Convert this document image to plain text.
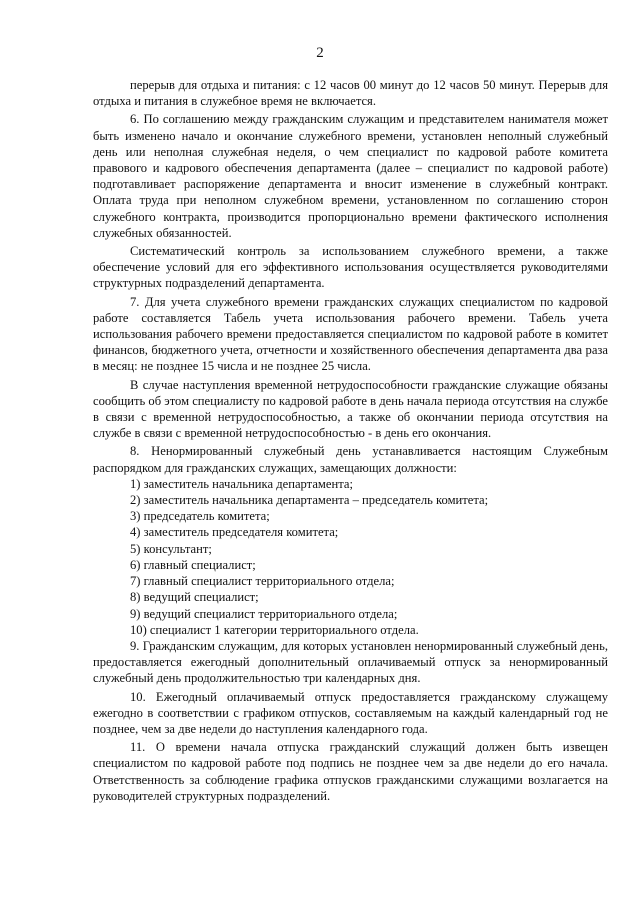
2

перерыв для отдыха и питания: с 12 часов 00 минут до 12 часов 50 минут. Перерыв для отдыха и питания в служебное время не включается.

6. По соглашению между гражданским служащим и представителем нанимателя может быть изменено начало и окончание служебного времени, установлен неполный служебный день или неполная служебная неделя, о чем специалист по кадровой работе комитета правового и кадрового обеспечения департамента (далее – специалист по кадровой работе) подготавливает распоряжение департамента и вносит изменение в служебный контракт. Оплата труда при неполном служебном времени, установленном по соглашению сторон служебного контракта, производится пропорционально времени фактического исполнения служебных обязанностей.

Систематический контроль за использованием служебного времени, а также обеспечение условий для его эффективного использования осуществляется руководителями структурных подразделений департамента.

7. Для учета служебного времени гражданских служащих специалистом по кадровой работе составляется Табель учета использования рабочего времени. Табель учета использования рабочего времени предоставляется специалистом по кадровой работе в комитет финансов, бюджетного учета, отчетности и хозяйственного обеспечения департамента два раза в месяц: не позднее 15 числа и не позднее 25 числа.

В случае наступления временной нетрудоспособности гражданские служащие обязаны сообщить об этом специалисту по кадровой работе в день начала периода отсутствия на службе в связи с временной нетрудоспособностью, а также об окончании периода отсутствия на службе в связи с временной нетрудоспособностью - в день его окончания.

8. Ненормированный служебный день устанавливается настоящим Служебным распорядком для гражданских служащих, замещающих должности:

1) заместитель начальника департамента;

2) заместитель начальника департамента – председатель комитета;

3) председатель комитета;

4) заместитель председателя комитета;

5) консультант;

6) главный специалист;

7) главный специалист территориального отдела;

8) ведущий специалист;

9) ведущий специалист территориального отдела;

10) специалист 1 категории территориального отдела.

9. Гражданским служащим, для которых установлен ненормированный служебный день, предоставляется ежегодный дополнительный оплачиваемый отпуск за ненормированный служебный день продолжительностью три календарных дня.

10. Ежегодный оплачиваемый отпуск предоставляется гражданскому служащему ежегодно в соответствии с графиком отпусков, составляемым на каждый календарный год не позднее, чем за две недели до наступления календарного года.

11. О времени начала отпуска гражданский служащий должен быть извещен специалистом по кадровой работе под подпись не позднее чем за две недели до его начала. Ответственность за соблюдение графика отпусков гражданскими служащими возлагается на руководителей структурных подразделений.
